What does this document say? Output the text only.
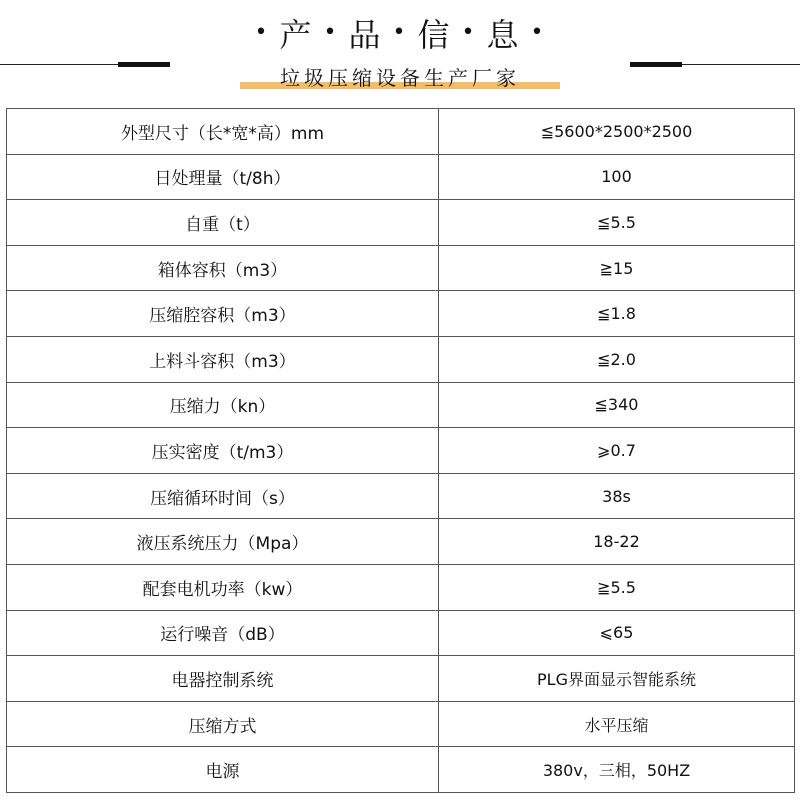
• 产 • 品 • 信 • 息 •
垃圾压缩设备生产厂家
外型尺寸（长*宽*高）mm	≦5600*2500*2500
日处理量（t/8h）	100
自重（t）	≦5.5
箱体容积（m3）	≧15
压缩腔容积（m3）	≦1.8
上料斗容积（m3）	≦2.0
压缩力（kn）	≦340
压实密度（t/m3）	⩾0.7
压缩循环时间（s）	38s
液压系统压力（Mpa）	18-22
配套电机功率（kw）	≧5.5
运行噪音（dB）	⩽65
电器控制系统	PLG界面显示智能系统
压缩方式	水平压缩
电源	380v，三相，50HZ
